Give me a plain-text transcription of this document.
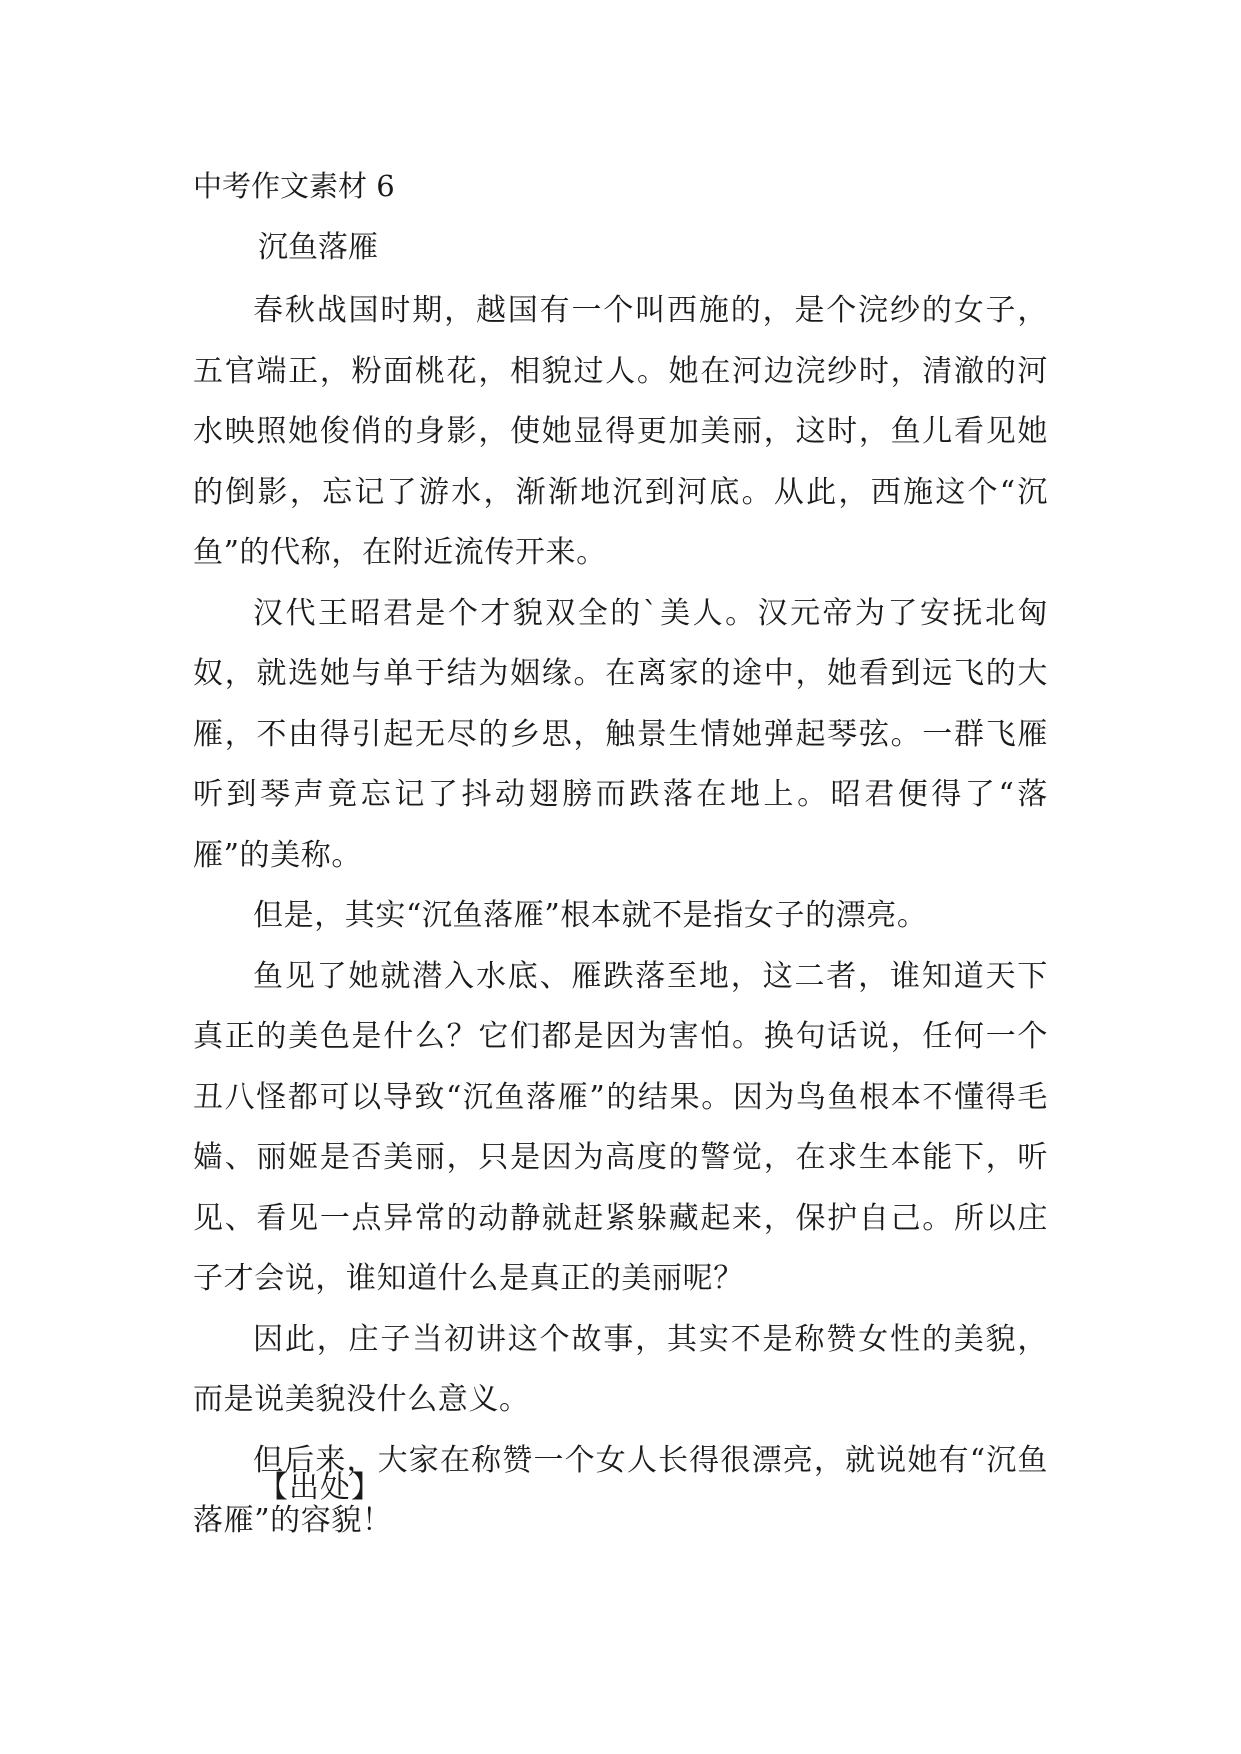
中考作文素材 6
沉鱼落雁

春秋战国时期，越国有一个叫西施的，是个浣纱的女子，五官端正，粉面桃花，相貌过人。她在河边浣纱时，清澈的河水映照她俊俏的身影，使她显得更加美丽，这时，鱼儿看见她的倒影，忘记了游水，渐渐地沉到河底。从此，西施这个“沉鱼”的代称，在附近流传开来。

汉代王昭君是个才貌双全的`美人。汉元帝为了安抚北匈奴，就选她与单于结为姻缘。在离家的途中，她看到远飞的大雁，不由得引起无尽的乡思，触景生情她弹起琴弦。一群飞雁听到琴声竟忘记了抖动翅膀而跌落在地上。昭君便得了“落雁”的美称。

但是，其实“沉鱼落雁”根本就不是指女子的漂亮。

鱼见了她就潜入水底、雁跌落至地，这二者，谁知道天下真正的美色是什么？它们都是因为害怕。换句话说，任何一个丑八怪都可以导致“沉鱼落雁”的结果。因为鸟鱼根本不懂得毛嫱、丽姬是否美丽，只是因为高度的警觉，在求生本能下，听见、看见一点异常的动静就赶紧躲藏起来，保护自己。所以庄子才会说，谁知道什么是真正的美丽呢？

因此，庄子当初讲这个故事，其实不是称赞女性的美貌，而是说美貌没什么意义。

但后来，大家在称赞一个女人长得很漂亮，就说她有“沉鱼落雁”的容貌！

【出处】
